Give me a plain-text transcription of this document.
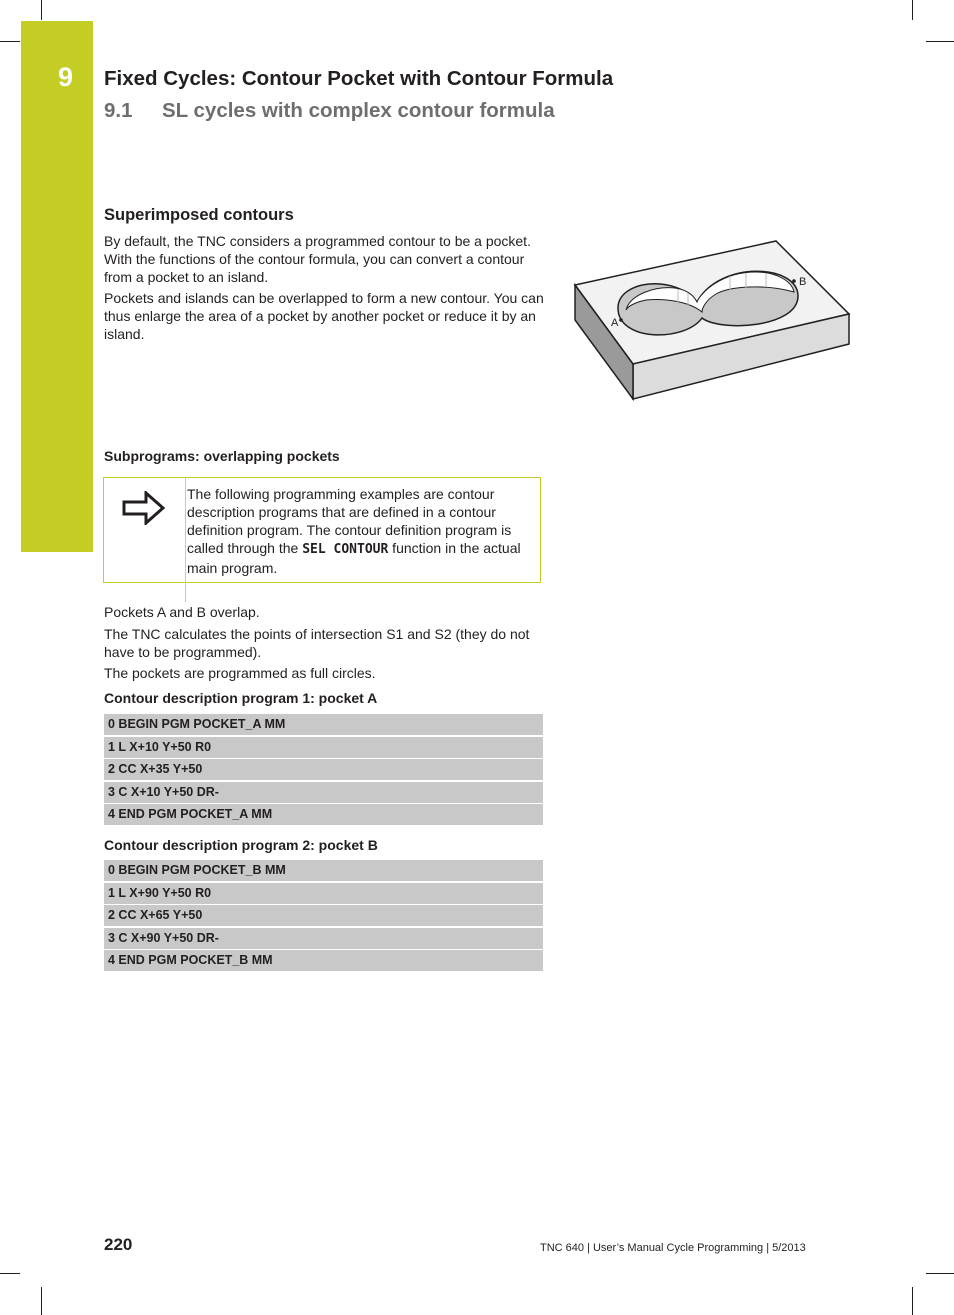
9 Fixed Cycles: Contour Pocket with Contour Formula
9.1 SL cycles with complex contour formula
Superimposed contours

By default, the TNC considers a programmed contour to be a pocket. With the functions of the contour formula, you can convert a contour from a pocket to an island.

Pockets and islands can be overlapped to form a new contour. You can thus enlarge the area of a pocket by another pocket or reduce it by an island.

A
B
Subprograms: overlapping pockets
The following programming examples are contour description programs that are defined in a contour definition program. The contour definition program is called through the SEL CONTOUR function in the actual main program.

Pockets A and B overlap.

The TNC calculates the points of intersection S1 and S2 (they do not have to be programmed).

The pockets are programmed as full circles.

Contour description program 1: pocket A
0 BEGIN PGM POCKET_A MM
1 L X+10 Y+50 R0
2 CC X+35 Y+50
3 C X+10 Y+50 DR-
4 END PGM POCKET_A MM
Contour description program 2: pocket B
0 BEGIN PGM POCKET_B MM
1 L X+90 Y+50 R0
2 CC X+65 Y+50
3 C X+90 Y+50 DR-
4 END PGM POCKET_B MM
220	TNC 640 | User’s Manual Cycle Programming | 5/2013
